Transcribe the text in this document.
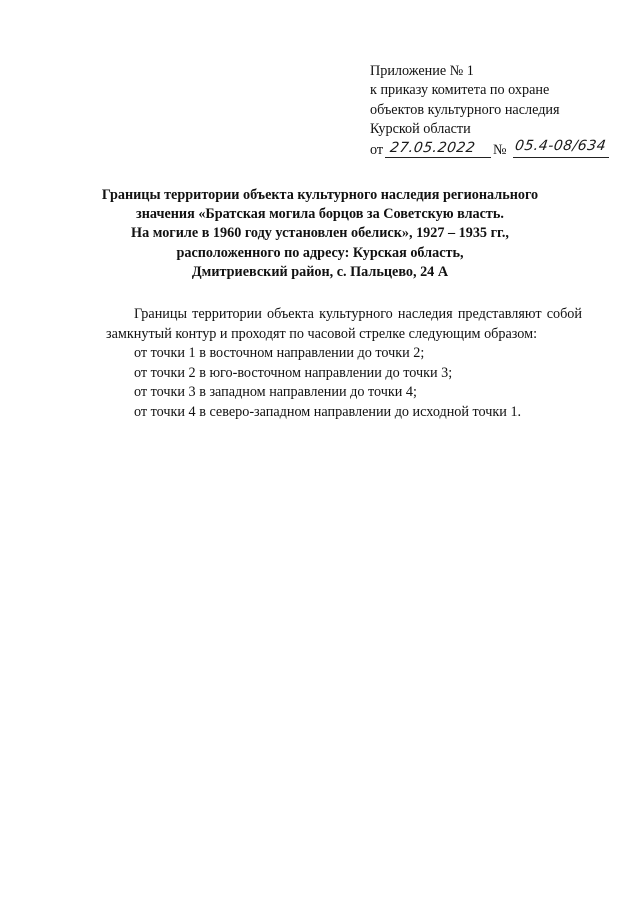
Приложение № 1
к приказу комитета по охране
объектов культурного наследия
Курской области
от 27.05.2022 № 05.4-08/634
Границы территории объекта культурного наследия регионального
значения «Братская могила борцов за Советскую власть.
На могиле в 1960 году установлен обелиск», 1927 – 1935 гг.,
расположенного по адресу: Курская область,
Дмитриевский район, с. Пальцево, 24 А

Границы территории объекта культурного наследия представляют собой замкнутый контур и проходят по часовой стрелке следующим образом:

от точки 1 в восточном направлении до точки 2;

от точки 2 в юго-восточном направлении до точки 3;

от точки 3 в западном направлении до точки 4;

от точки 4 в северо-западном направлении до исходной точки 1.
